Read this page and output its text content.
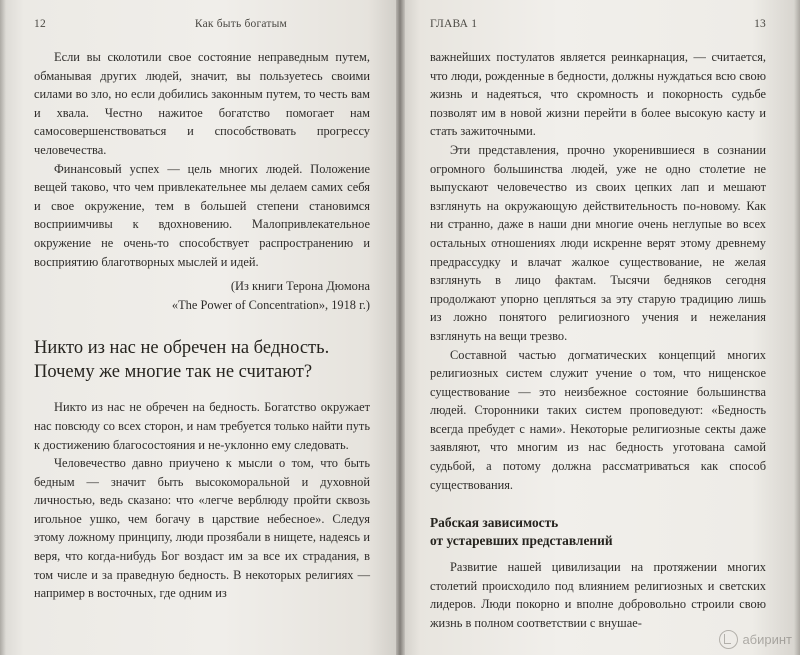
12	Как быть богатым

Если вы сколотили свое состояние неправедным путем, обманывая других людей, значит, вы пользуетесь своими силами во зло, но если добились законным путем, то честь вам и хвала. Честно нажитое богатство помогает нам самосовершенствоваться и способствовать прогрессу человечества.

Финансовый успех — цель многих людей. Положение вещей таково, что чем привлекательнее мы делаем самих себя и свое окружение, тем в большей степени становимся восприимчивы к вдохновению. Малопривлекательное окружение не очень-то способствует распространению и восприятию благотворных мыслей и идей.

(Из книги Терона Дюмона

«The Power of Concentration», 1918 г.)

Никто из нас не обречен на бедность. Почему же многие так не считают?

Никто из нас не обречен на бедность. Богатство окружает нас повсюду со всех сторон, и нам требуется только найти путь к достижению благосостояния и не-уклонно ему следовать.

Человечество давно приучено к мысли о том, что быть бедным — значит быть высокоморальной и духовной личностью, ведь сказано: что «легче верблюду пройти сквозь игольное ушко, чем богачу в царствие небесное». Следуя этому ложному принципу, люди прозябали в нищете, надеясь и веря, что когда-нибудь Бог воздаст им за все их страдания, в том числе и за праведную бедность. В некоторых религиях — например в восточных, где одним из

ГЛАВА 1	13

важнейших постулатов является реинкарнация, — считается, что люди, рожденные в бедности, должны нуждаться всю свою жизнь и надеяться, что скромность и покорность судьбе позволят им в новой жизни перейти в более высокую касту и стать зажиточными.

Эти представления, прочно укоренившиеся в сознании огромного большинства людей, уже не одно столетие не выпускают человечество из своих цепких лап и мешают взглянуть на окружающую действительность по-новому. Как ни странно, даже в наши дни многие очень неглупые во всех остальных отношениях люди искренне верят этому древнему предрассудку и влачат жалкое существование, не желая взглянуть в лицо фактам. Тысячи бедняков сегодня продолжают упорно цепляться за эту старую традицию лишь из ложно понятого религиозного учения и нежелания взглянуть на вещи трезво.

Составной частью догматических концепций многих религиозных систем служит учение о том, что нищенское существование — это неизбежное состояние большинства людей. Сторонники таких систем проповедуют: «Бедность всегда пребудет с нами». Некоторые религиозные секты даже заявляют, что многим из нас бедность уготована самой судьбой, а потому должна рассматриваться как способ существования.

Рабская зависимость
от устаревших представлений

Развитие нашей цивилизации на протяжении многих столетий происходило под влиянием религиозных и светских лидеров. Люди покорно и вполне добровольно строили свою жизнь в полном соответствии с внушае-

абиринт
